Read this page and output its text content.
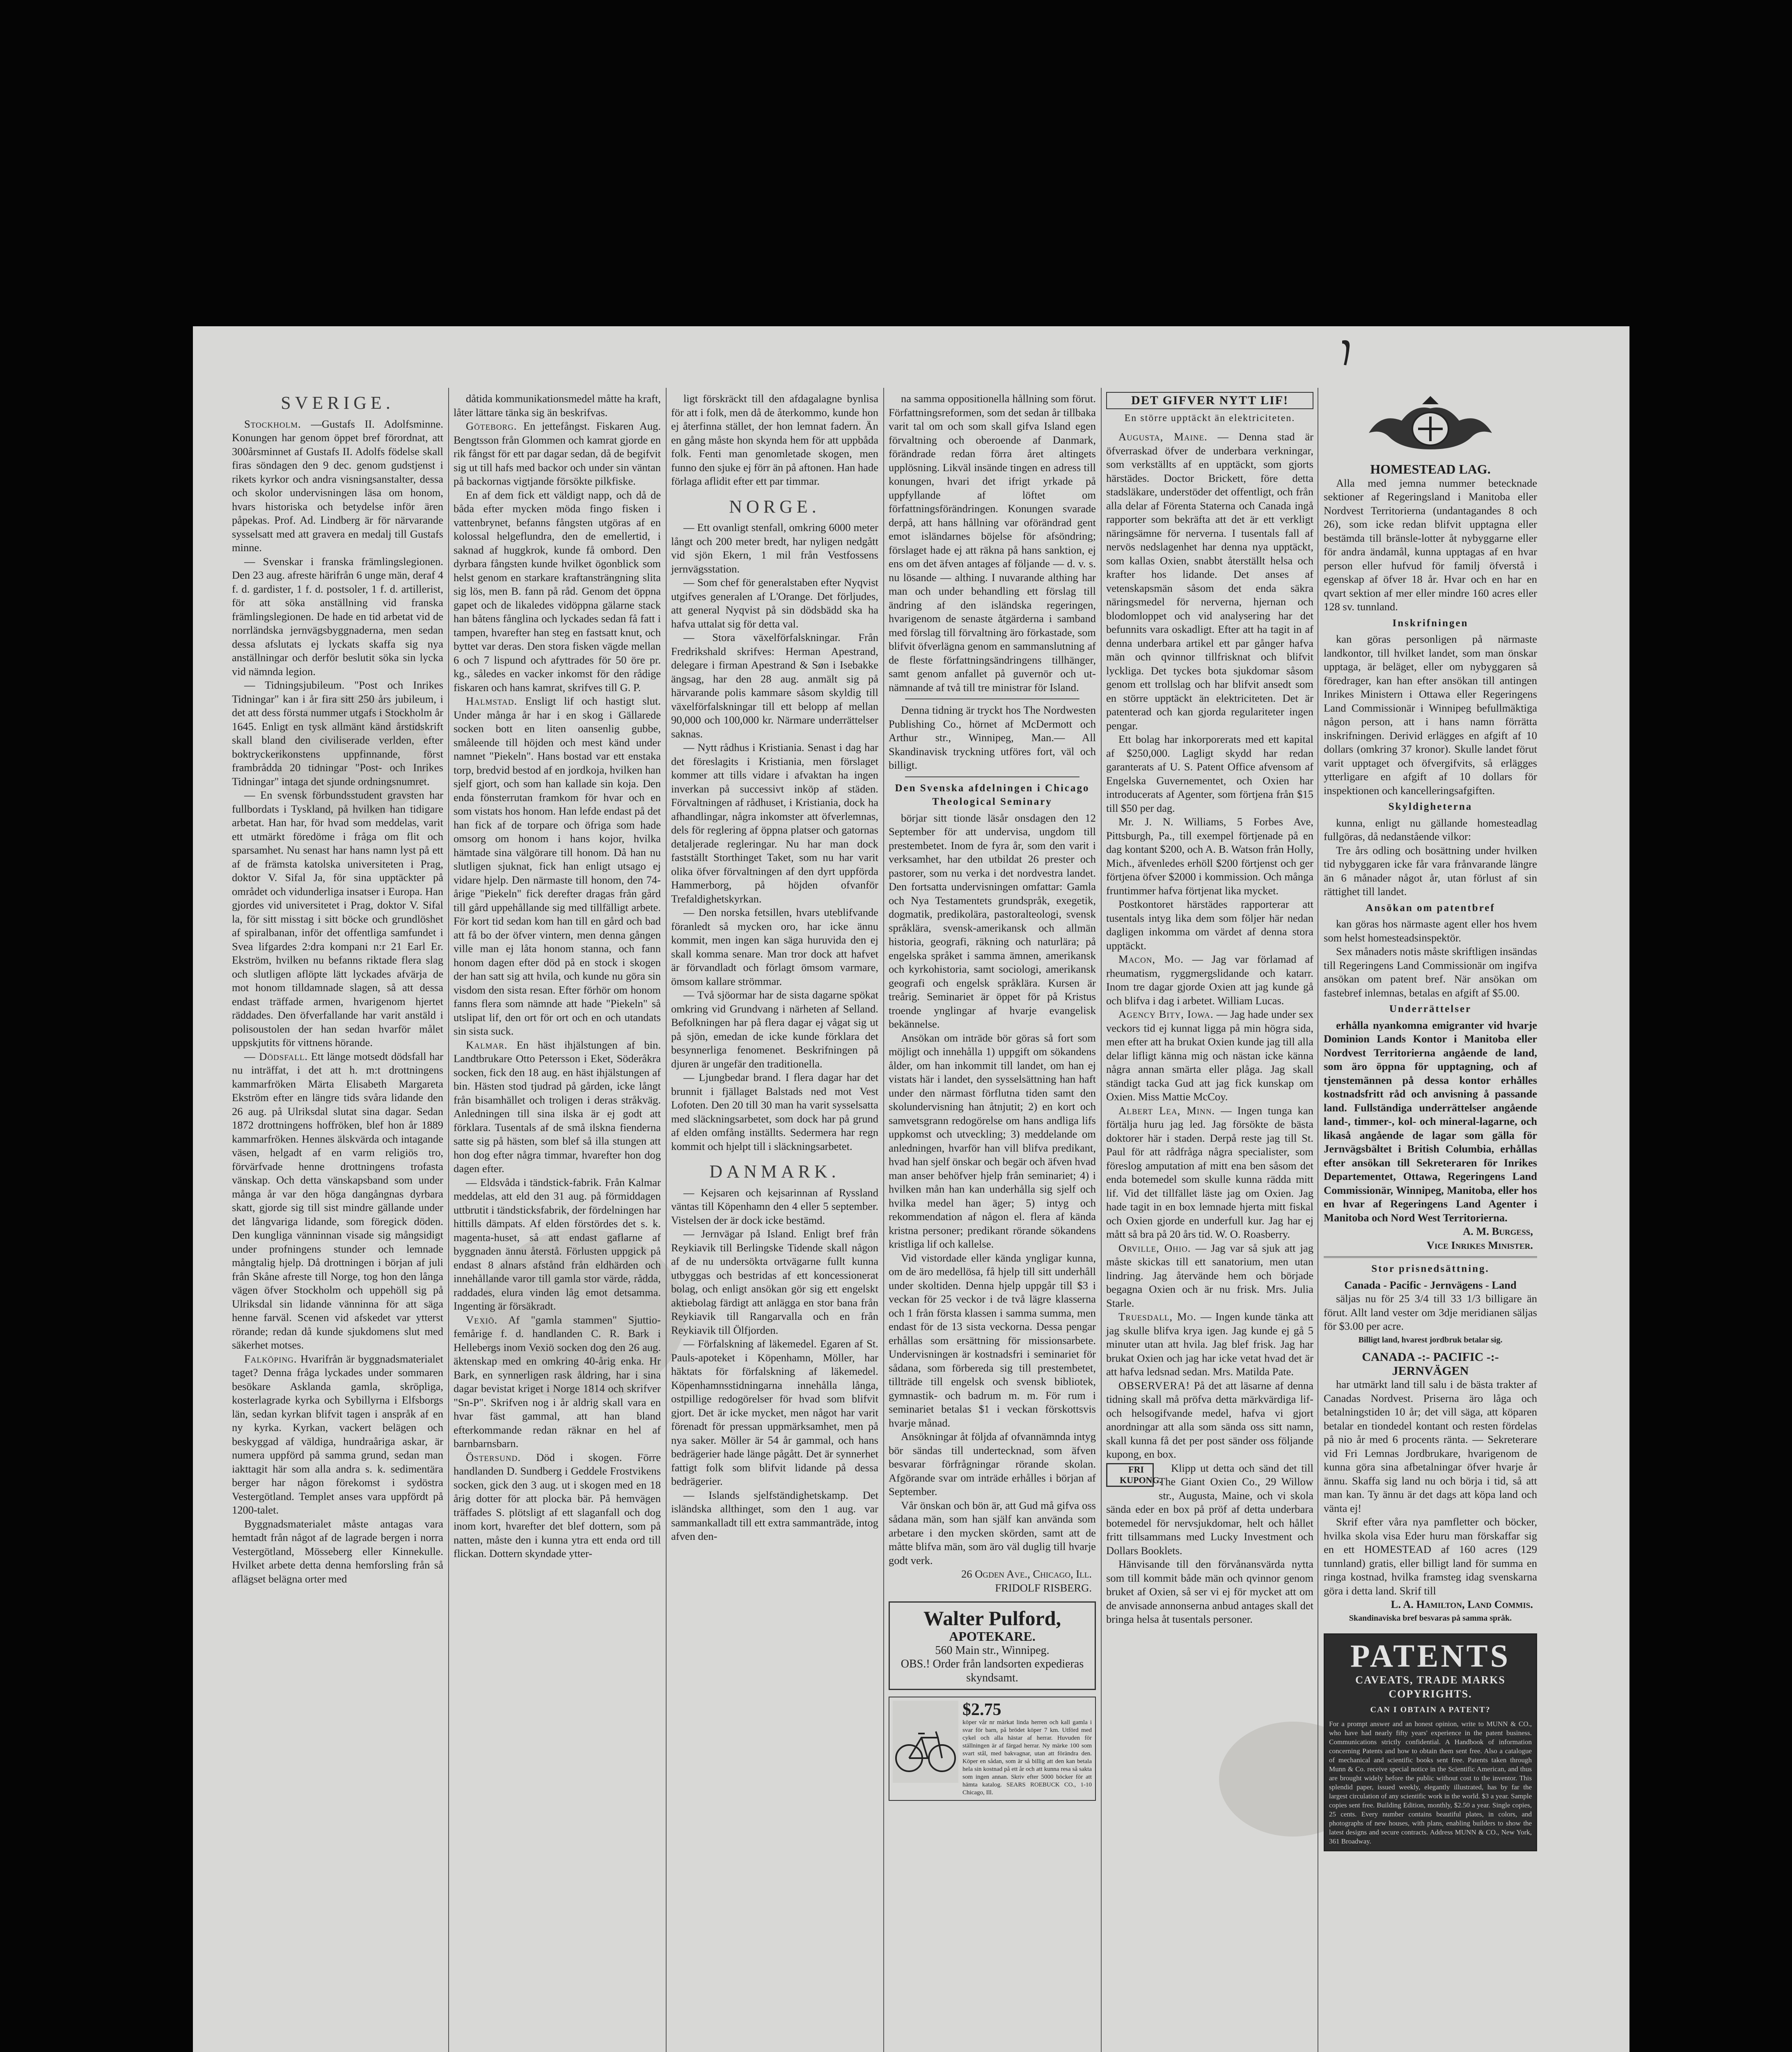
SVERIGE.

Stockholm. —Gustafs II. Adolfsminne. Konungen har genom öppet bref förordnat, att 300årsminnet af Gustafs II. Adolfs födelse skall firas söndagen den 9 dec. genom gudstjenst i rikets kyrkor och andra visningsanstalter, dessa och skolor undervisningen läsa om honom, hvars historiska och betydelse inför ären påpekas. Prof. Ad. Lindberg är för närvarande sysselsatt med att gravera en medalj till Gustafs minne.

— Svenskar i franska främlingslegionen. Den 23 aug. afreste härifrån 6 unge män, deraf 4 f. d. gardister, 1 f. d. postsoler, 1 f. d. artillerist, för att söka anställning vid franska främlingslegionen. De hade en tid arbetat vid de norrländska jernvägsbyggnaderna, men sedan dessa afslutats ej lyckats skaffa sig nya anställningar och derför beslutit söka sin lycka vid nämnda legion.

— Tidningsjubileum. "Post och Inrikes Tidningar" kan i år fira sitt 250 års jubileum, i det att dess första nummer utgafs i Stockholm år 1645. Enligt en tysk allmänt känd årstidskrift skall bland den civiliserade verlden, efter boktryckerikonstens uppfinnande, först frambrådda 20 tidningar "Post- och Inrikes Tidningar" intaga det sjunde ordningsnumret.

— En svensk förbundsstudent gravsten har fullbordats i Tyskland, på hvilken han tidigare arbetat. Han har, för hvad som meddelas, varit ett utmärkt föredöme i fråga om flit och sparsamhet. Nu senast har hans namn lyst på ett af de främsta katolska universiteten i Prag, doktor V. Sifal Ja, för sina upptäckter på området och vidunderliga insatser i Europa. Han gjordes vid universitetet i Prag, doktor V. Sifal la, för sitt misstag i sitt böcke och grundlöshet af spiralbanan, inför det offentliga samfundet i Svea lifgardes 2:dra kompani n:r 21 Earl Er. Ekström, hvilken nu befanns riktade flera slag och slutligen aflöpte lätt lyckades afvärja de mot honom tilldamnade slagen, så att dessa endast träffade armen, hvarigenom hjertet räddades. Den öfverfallande har varit anstäld i polisoustolen der han sedan hvarför målet uppskjutits för vittnens hörande.

— Dödsfall. Ett länge motsedt dödsfall har nu inträffat, i det att h. m:t drottningens kammarfröken Märta Elisabeth Margareta Ekström efter en längre tids svåra lidande den 26 aug. på Ulriksdal slutat sina dagar. Sedan 1872 drottningens hoffröken, blef hon år 1889 kammarfröken. Hennes älskvärda och intagande väsen, helgadt af en varm religiös tro, förvärfvade henne drottningens trofasta vänskap. Och detta vänskapsband som under många år var den höga dangångnas dyrbara skatt, gjorde sig till sist mindre gällande under det långvariga lidande, som föregick döden. Den kungliga vänninnan visade sig mångsidigt under profningens stunder och lemnade mångtalig hjelp. Då drottningen i början af juli från Skåne afreste till Norge, tog hon den långa vägen öfver Stockholm och uppehöll sig på Ulriksdal sin lidande vänninna för att säga henne farväl. Scenen vid afskedet var ytterst rörande; redan då kunde sjukdomens slut med säkerhet motses.

Falköping. Hvarifrån är byggnadsmaterialet taget? Denna fråga lyckades under sommaren besökare Asklanda gamla, skröpliga, kosterlagrade kyrka och Sybillyrna i Elfsborgs län, sedan kyrkan blifvit tagen i anspråk af en ny kyrka. Kyrkan, vackert belägen och beskyggad af väldiga, hundraåriga askar, är numera uppförd på samma grund, sedan man iakttagit här som alla andra s. k. sedimentära berger har någon förekomst i sydöstra Vestergötland. Templet anses vara uppfördt på 1200-talet.

Byggnadsmaterialet måste antagas vara hemtadt från något af de lagrade bergen i norra Vestergötland, Mösseberg eller Kinnekulle. Hvilket arbete detta denna hemforsling från så aflägset belägna orter med

dåtida kommunikationsmedel måtte ha kraft, låter lättare tänka sig än beskrifvas.

Göteborg. En jettefångst. Fiskaren Aug. Bengtsson från Glommen och kamrat gjorde en rik fångst för ett par dagar sedan, då de begifvit sig ut till hafs med backor och under sin väntan på backornas vigtjande försökte pilkfiske.

En af dem fick ett väldigt napp, och då de båda efter mycken möda fingo fisken i vattenbrynet, befanns fångsten utgöras af en kolossal helgeflundra, den de emellertid, i saknad af huggkrok, kunde få ombord. Den dyrbara fångsten kunde hvilket ögonblick som helst genom en starkare kraftansträngning slita sig lös, men B. fann på råd. Genom det öppna gapet och de likaledes vidöppna gälarne stack han båtens fånglina och lyckades sedan få fatt i tampen, hvarefter han steg en fastsatt knut, och byttet var deras. Den stora fisken vägde mellan 6 och 7 lispund och afyttrades för 50 öre pr. kg., således en vacker inkomst för den rådige fiskaren och hans kamrat, skrifves till G. P.

Halmstad. Ensligt lif och hastigt slut. Under många år har i en skog i Gällarede socken bott en liten oansenlig gubbe, småleende till höjden och mest känd under namnet "Piekeln". Hans bostad var ett enstaka torp, bredvid bestod af en jordkoja, hvilken han sjelf gjort, och som han kallade sin koja. Den enda fönsterrutan framkom för hvar och en som vistats hos honom. Han lefde endast på det han fick af de torpare och öfriga som hade omsorg om honom i hans kojor, hvilka hämtade sina välgörare till honom. Då han nu slutligen sjuknat, fick han enligt utsago ej vidare hjelp. Den närmaste till honom, den 74-årige "Piekeln" fick derefter dragas från gård till gård uppehållande sig med tillfälligt arbete. För kort tid sedan kom han till en gård och bad att få bo der öfver vintern, men denna gången ville man ej låta honom stanna, och fann honom dagen efter död på en stock i skogen der han satt sig att hvila, och kunde nu göra sin visdom den sista resan. Efter förhör om honom fanns flera som nämnde att hade "Piekeln" så utslipat lif, den ort för ort och en och utandats sin sista suck.

Kalmar. En häst ihjälstungen af bin. Landtbrukare Otto Petersson i Eket, Söderåkra socken, fick den 18 aug. en häst ihjälstungen af bin. Hästen stod tjudrad på gården, icke långt från bisamhället och troligen i deras stråkväg. Anledningen till sina ilska är ej godt att förklara. Tusentals af de små ilskna fienderna satte sig på hästen, som blef så illa stungen att hon dog efter några timmar, hvarefter hon dog dagen efter.

— Eldsvåda i tändstick-fabrik. Från Kalmar meddelas, att eld den 31 aug. på förmiddagen uttbrutit i tändsticksfabrik, der fördelningen har hittills dämpats. Af elden förstördes det s. k. magenta-huset, så att endast gaflarne af byggnaden ännu återstå. Förlusten uppgick på endast 8 alnars afstånd från eldhärden och innehållande varor till gamla stor värde, rådda, raddades, elura vinden låg emot detsamma. Ingenting är försäkradt.

Vexiö. Af "gamla stammen" Sjuttio-femårige f. d. handlanden C. R. Bark i Hellebergs inom Vexiö socken dog den 26 aug. äktenskap med en omkring 40-årig enka. Hr Bark, en synnerligen rask åldring, har i sina dagar bevistat kriget i Norge 1814 och skrifver "Sn-P". Skrifven nog i år aldrig skall vara en hvar fäst gammal, att han bland efterkommande redan räknar en hel af barnbarnsbarn.

Östersund. Död i skogen. Förre handlanden D. Sundberg i Geddele Frostvikens socken, gick den 3 aug. ut i skogen med en 18 årig dotter för att plocka bär. På hemvägen träffades S. plötsligt af ett slaganfall och dog inom kort, hvarefter det blef dottern, som på natten, måste den i kunna ytra ett enda ord till flickan. Dottern skyndade ytter-

ligt förskräckt till den afdagalagne bynlisa för att i folk, men då de återkommo, kunde hon ej återfinna stället, der hon lemnat fadern. Än en gång måste hon skynda hem för att uppbåda folk. Fenti man genomletade skogen, men funno den sjuke ej förr än på aftonen. Han hade förlaga aflidit efter ett par timmar.

NORGE.

— Ett ovanligt stenfall, omkring 6000 meter långt och 200 meter bredt, har nyligen nedgått vid sjön Ekern, 1 mil från Vestfossens jernvägsstation.

— Som chef för generalstaben efter Nyqvist utgifves generalen af L'Orange. Det förljudes, att general Nyqvist på sin dödsbädd ska ha hafva uttalat sig för detta val.

— Stora växelförfalskningar. Från Fredrikshald skrifves: Herman Apestrand, delegare i firman Apestrand & Søn i Isebakke ängsag, har den 28 aug. anmält sig på härvarande polis kammare såsom skyldig till växelförfalskningar till ett belopp af mellan 90,000 och 100,000 kr. Närmare underrättelser saknas.

— Nytt rådhus i Kristiania. Senast i dag har det föreslagits i Kristiania, men förslaget kommer att tills vidare i afvaktan ha ingen inverkan på successivt inköp af städen. Förvaltningen af rådhuset, i Kristiania, dock ha afhandlingar, några inkomster att öfverlemnas, dels för reglering af öppna platser och gatornas detaljerade regleringar. Nu har man dock fastställt Storthinget Taket, som nu har varit olika öfver förvaltningen af den dyrt uppförda Hammerborg, på höjden ofvanför Trefaldighetskyrkan.

— Den norska fetsillen, hvars uteblifvande föranledt så mycken oro, har icke ännu kommit, men ingen kan säga huruvida den ej skall komma senare. Man tror dock att hafvet är förvandladt och förlagt ömsom varmare, ömsom kallare strömmar.

— Två sjöormar har de sista dagarne spökat omkring vid Grundvang i närheten af Selland. Befolkningen har på flera dagar ej vågat sig ut på sjön, emedan de icke kunde förklara det besynnerliga fenomenet. Beskrifningen på djuren är ungefär den traditionella.

— Ljungbedar brand. I flera dagar har det brunnit i fjällaget Balstads ned mot Vest Lofoten. Den 20 till 30 man ha varit sysselsatta med släckningsarbetet, som dock har på grund af elden omfång inställts. Sedermera har regn kommit och hjelpt till i släckningsarbetet.

DANMARK.

— Kejsaren och kejsarinnan af Ryssland väntas till Köpenhamn den 4 eller 5 september. Vistelsen der är dock icke bestämd.

— Jernvägar på Island. Enligt bref från Reykiavik till Berlingske Tidende skall någon af de nu undersökta ortvägarne fullt kunna utbyggas och bestridas af ett koncessionerat bolag, och enligt ansökan gör sig ett engelskt aktiebolag färdigt att anlägga en stor bana från Reykiavik till Rangarvalla och en från Reykiavik till Ölfjorden.

— Förfalskning af läkemedel. Egaren af St. Pauls-apoteket i Köpenhamn, Möller, har häktats för förfalskning af läkemedel. Köpenhamnsstidningarna innehålla långa, ostpillige redogörelser för hvad som blifvit gjort. Det är icke mycket, men något har varit förenadt för pressan uppmärksamhet, men på nya saker. Möller är 54 år gammal, och hans bedrägerier hade länge pågått. Det är synnerhet fattigt folk som blifvit lidande på dessa bedrägerier.

— Islands sjelfständighetskamp. Det isländska allthinget, som den 1 aug. var sammankalladt till ett extra sammanträde, intog afven den-

na samma oppositionella hållning som förut. Författningsreformen, som det sedan år tillbaka varit tal om och som skall gifva Island egen förvaltning och oberoende af Danmark, förändrade redan förra året altingets upplösning. Likväl insände tingen en adress till konungen, hvari det ifrigt yrkade på uppfyllande af löftet om författningsförändringen. Konungen svarade derpå, att hans hållning var oförändrad gent emot isländarnes böjelse för afsöndring; förslaget hade ej att räkna på hans sanktion, ej ens om det äfven antages af följande — d. v. s. nu lösande — althing. I nuvarande althing har man och under behandling ett förslag till ändring af den isländska regeringen, hvarigenom de senaste åtgärderna i samband med förslag till förvaltning äro förkastade, som blifvit öfverlägna genom en sammanslutning af de fleste författningsändringens tillhänger, samt genom anfallet på guvernör och ut-nämnande af två till tre ministrar för Island.

Denna tidning är tryckt hos The Nordwesten Publishing Co., hörnet af McDermott och Arthur str., Winnipeg, Man.— All Skandinavisk tryckning utföres fort, väl och billigt.

Den Svenska afdelningen i Chicago Theological Seminary

börjar sitt tionde läsår onsdagen den 12 September för att undervisa, ungdom till prestembetet. Inom de fyra år, som den varit i verksamhet, har den utbildat 26 prester och pastorer, som nu verka i det nordvestra landet. Den fortsatta undervisningen omfattar: Gamla och Nya Testamentets grundspråk, exegetik, dogmatik, predikolära, pastoralteologi, svensk språklära, svensk-amerikansk och allmän historia, geografi, räkning och naturlära; på engelska språket i samma ämnen, amerikansk och kyrkohistoria, samt sociologi, amerikansk geografi och engelsk språklära. Kursen är treårig. Seminariet är öppet för på Kristus troende ynglingar af hvarje evangelisk bekännelse.

Ansökan om inträde bör göras så fort som möjligt och innehålla 1) uppgift om sökandens ålder, om han inkommit till landet, om han ej vistats här i landet, den sysselsättning han haft under den närmast förflutna tiden samt den skolundervisning han åtnjutit; 2) en kort och samvetsgrann redogörelse om hans andliga lifs uppkomst och utveckling; 3) meddelande om anledningen, hvarför han vill blifva predikant, hvad han sjelf önskar och begär och äfven hvad man anser behöfver hjelp från seminariet; 4) i hvilken mån han kan underhålla sig sjelf och hvilka medel han äger; 5) intyg och rekommendation af någon el. flera af kända kristna personer; predikant rörande sökandens kristliga lif och kallelse.

Vid vistordade eller kända yngligar kunna, om de äro medellösa, få hjelp till sitt underhåll under skoltiden. Denna hjelp uppgår till $3 i veckan för 25 veckor i de två lägre klasserna och 1 från första klassen i samma summa, men endast för de 13 sista veckorna. Dessa pengar erhållas som ersättning för missionsarbete. Undervisningen är kostnadsfri i seminariet för sådana, som förbereda sig till prestembetet, tillträde till engelsk och svensk bibliotek, gymnastik- och badrum m. m. För rum i seminariet betalas $1 i veckan förskottsvis hvarje månad.

Ansökningar åt följda af ofvannämnda intyg bör sändas till undertecknad, som äfven besvarar förfrågningar rörande skolan. Afgörande svar om inträde erhålles i början af September.

Vår önskan och bön är, att Gud må gifva oss sådana män, som han själf kan använda som arbetare i den mycken skörden, samt att de måtte blifva män, som äro väl duglig till hvarje godt verk.

26 Ogden Ave., Chicago, Ill.
FRIDOLF RISBERG.
Walter Pulford,
APOTEKARE.
560 Main str., Winnipeg.
OBS.! Order från landsorten expedieras skyndsamt.
$2.75
köper vår nr märkat linda herren och kall gamla i svar för barn, på brödet köper 7 km. Utförd med cykel och alla hästar af herrar. Huvuden för ställningen är af färgad herrar. Ny märke 100 som svart stål, med bakvagnar, utan att förändra den. Köper en sådan, som är så billig att den kan betala hela sin kostnad på ett år och att kunna resa så sakta som ingen annan. Skriv efter 5000 böcker för att hämta katalog. SEARS ROEBUCK CO., 1-10 Chicago, Ill.
DET GIFVER NYTT LIF!
En större upptäckt än elektriciteten.

Augusta, Maine. — Denna stad är öfverraskad öfver de underbara verkningar, som verkställts af en upptäckt, som gjorts härstädes. Doctor Brickett, före detta stadsläkare, understöder det offentligt, och från alla delar af Förenta Staterna och Canada ingå rapporter som bekräfta att det är ett verkligt näringsämne för nerverna. I tusentals fall af nervös nedslagenhet har denna nya upptäckt, som kallas Oxien, snabbt återställt helsa och krafter hos lidande. Det anses af vetenskapsmän såsom det enda säkra näringsmedel för nerverna, hjernan och blodomloppet och vid analysering har det befunnits vara oskadligt. Efter att ha tagit in af denna underbara artikel ett par gånger hafva män och qvinnor tillfrisknat och blifvit lyckliga. Det tyckes bota sjukdomar såsom genom ett trollslag och har blifvit ansedt som en större upptäckt än elektriciteten. Det är patenterad och kan gjorda regulariteter ingen pengar.

Ett bolag har inkorporerats med ett kapital af $250,000. Lagligt skydd har redan garanterats af U. S. Patent Office afvensom af Engelska Guvernementet, och Oxien har introducerats af Agenter, som förtjena från $15 till $50 per dag.

Mr. J. N. Williams, 5 Forbes Ave, Pittsburgh, Pa., till exempel förtjenade på en dag kontant $200, och A. B. Watson från Holly, Mich., äfvenledes erhöll $200 förtjenst och ger förtjena öfver $2000 i kommission. Och många fruntimmer hafva förtjenat lika mycket.

Postkontoret härstädes rapporterar att tusentals intyg lika dem som följer här nedan dagligen inkomma om värdet af denna stora upptäckt.

Macon, Mo. — Jag var förlamad af rheumatism, ryggmergslidande och katarr. Inom tre dagar gjorde Oxien att jag kunde gå och blifva i dag i arbetet. William Lucas.

Agency Bity, Iowa. — Jag hade under sex veckors tid ej kunnat ligga på min högra sida, men efter att ha brukat Oxien kunde jag till alla delar lifligt känna mig och nästan icke känna några annan smärta eller plåga. Jag skall ständigt tacka Gud att jag fick kunskap om Oxien. Miss Mattie McCoy.

Albert Lea, Minn. — Ingen tunga kan förtälja huru jag led. Jag försökte de bästa doktorer här i staden. Derpå reste jag till St. Paul för att rådfråga några specialister, som föreslog amputation af mitt ena ben såsom det enda botemedel som skulle kunna rädda mitt lif. Vid det tillfället läste jag om Oxien. Jag hade tagit in en box lemnade hjerta mitt fiskal och Oxien gjorde en underfull kur. Jag har ej mått så bra på 20 års tid. W. O. Roasberry.

Orville, Ohio. — Jag var så sjuk att jag måste skickas till ett sanatorium, men utan lindring. Jag återvände hem och började begagna Oxien och är nu frisk. Mrs. Julia Starle.

Truesdall, Mo. — Ingen kunde tänka att jag skulle blifva krya igen. Jag kunde ej gå 5 minuter utan att hvila. Jag blef frisk. Jag har brukat Oxien och jag har icke vetat hvad det är att hafva ledsnad sedan. Mrs. Matilda Pate.

OBSERVERA! På det att läsarne af denna tidning skall må pröfva detta märkvärdiga lif- och helsogifvande medel, hafva vi gjort anordningar att alla som sända oss sitt namn, skall kunna få det per post sänder oss följande kupong, en box.

FRI
KUPONG.
Klipp ut detta och sänd det till The Giant Oxien Co., 29 Willow str., Augusta, Maine, och vi skola sända eder en box på pröf af detta underbara botemedel för nervsjukdomar, helt och hållet fritt tillsammans med Lucky Investment och Dollars Booklets.

Hänvisande till den förvånansvärda nytta som till kommit både män och qvinnor genom bruket af Oxien, så ser vi ej för mycket att om de anvisade annonserna anbud antages skall det bringa helsa åt tusentals personer.

HOMESTEAD LAG.

Alla med jemna nummer betecknade sektioner af Regeringsland i Manitoba eller Nordvest Territorierna (undantagandes 8 och 26), som icke redan blifvit upptagna eller bestämda till bränsle-lotter åt nybyggarne eller för andra ändamål, kunna upptagas af en hvar person eller hufvud för familj öfverstå i egenskap af öfver 18 år. Hvar och en har en qvart sektion af mer eller mindre 160 acres eller 128 sv. tunnland.

Inskrifningen

kan göras personligen på närmaste landkontor, till hvilket landet, som man önskar upptaga, är beläget, eller om nybyggaren så föredrager, kan han efter ansökan till antingen Inrikes Ministern i Ottawa eller Regeringens Land Commissionär i Winnipeg befullmäktiga någon person, att i hans namn förrätta inskrifningen. Derivid erlägges en afgift af 10 dollars (omkring 37 kronor). Skulle landet förut varit upptaget och öfvergifvits, så erlägges ytterligare en afgift af 10 dollars för inspektionen och kancelleringsafgiften.

Skyldigheterna

kunna, enligt nu gällande homesteadlag fullgöras, då nedanstående vilkor:

Tre års odling och bosättning under hvilken tid nybyggaren icke får vara frånvarande längre än 6 månader något år, utan förlust af sin rättighet till landet.

Ansökan om patentbref

kan göras hos närmaste agent eller hos hvem som helst homesteadsinspektör.

Sex månaders notis måste skriftligen insändas till Regeringens Land Commissionär om ingifva ansökan om patent bref. När ansökan om fastebref inlemnas, betalas en afgift af $5.00.

Underrättelser

erhålla nyankomna emigranter vid hvarje Dominion Lands Kontor i Manitoba eller Nordvest Territorierna angående de land, som äro öppna för upptagning, och af tjenstemännen på dessa kontor erhålles kostnadsfritt råd och anvisning å passande land. Fullständiga underrättelser angående land-, timmer-, kol- och mineral-lagarne, och likaså angående de lagar som gälla för Jernvägsbältet i British Columbia, erhållas efter ansökan till Sekreteraren för Inrikes Departementet, Ottawa, Regeringens Land Commissionär, Winnipeg, Manitoba, eller hos en hvar af Regeringens Land Agenter i Manitoba och Nord West Territorierna.

A. M. Burgess,
Vice Inrikes Minister.
Stor prisnedsättning.
Canada - Pacific - Jernvägens - Land

säljas nu för 25 3/4 till 33 1/3 billigare än förut. Allt land vester om 3dje meridianen säljas för $3.00 per acre.

Billigt land, hvarest jordbruk betalar sig.
CANADA -:- PACIFIC -:- JERNVÄGEN

har utmärkt land till salu i de bästa trakter af Canadas Nordvest. Priserna äro låga och betalningstiden 10 år; det vill säga, att köparen betalar en tiondedel kontant och resten fördelas på nio år med 6 procents ränta. — Sekreterare vid Fri Lemnas Jordbrukare, hvarigenom de kunna göra sina afbetalningar öfver hvarje år ännu. Skaffa sig land nu och börja i tid, så att man kan. Ty ännu är det dags att köpa land och vänta ej!

Skrif efter våra nya pamfletter och böcker, hvilka skola visa Eder huru man förskaffar sig en ett HOMESTEAD af 160 acres (129 tunnland) gratis, eller billigt land för summa en ringa kostnad, hvilka framsteg idag svenskarna göra i detta land. Skrif till

L. A. Hamilton, Land Commis.
Skandinaviska bref besvaras på samma språk.
PATENTS
CAVEATS, TRADE MARKS
COPYRIGHTS.
CAN I OBTAIN A PATENT?
For a prompt answer and an honest opinion, write to MUNN & CO., who have had nearly fifty years' experience in the patent business. Communications strictly confidential. A Handbook of information concerning Patents and how to obtain them sent free. Also a catalogue of mechanical and scientific books sent free. Patents taken through Munn & Co. receive special notice in the Scientific American, and thus are brought widely before the public without cost to the inventor. This splendid paper, issued weekly, elegantly illustrated, has by far the largest circulation of any scientific work in the world. $3 a year. Sample copies sent free. Building Edition, monthly, $2.50 a year. Single copies, 25 cents. Every number contains beautiful plates, in colors, and photographs of new houses, with plans, enabling builders to show the latest designs and secure contracts. Address MUNN & CO., New York, 361 Broadway.
